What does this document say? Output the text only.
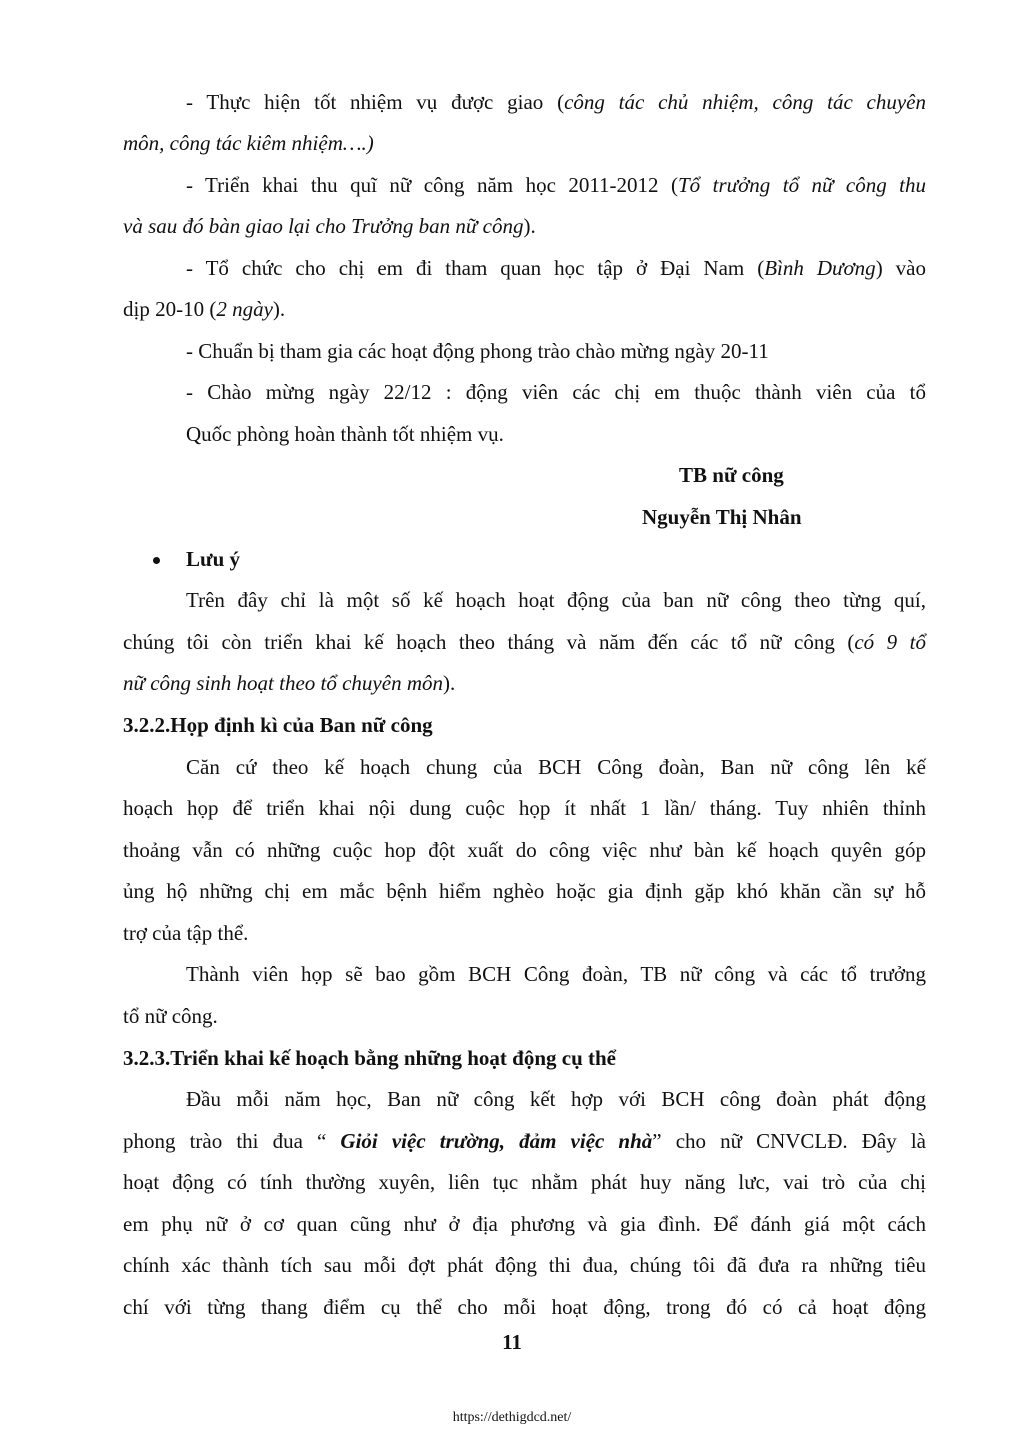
- Thực hiện tốt nhiệm vụ được giao (công tác chủ nhiệm, công tác chuyên
môn, công tác kiêm nhiệm….)
- Triển khai thu quĩ nữ công năm học 2011-2012 (Tổ trưởng tổ nữ công thu
và sau đó bàn giao lại cho Trưởng ban nữ công).
- Tổ chức cho chị em đi tham quan học tập ở Đại Nam (Bình Dương) vào
dịp 20-10 (2 ngày).
- Chuẩn bị tham gia các hoạt động phong trào chào mừng ngày 20-11
- Chào mừng ngày 22/12 : động viên các chị em thuộc thành viên của tổ
Quốc phòng hoàn thành tốt nhiệm vụ.
TB nữ công
Nguyễn Thị Nhân
Lưu ý
Trên đây chỉ là một số kế hoạch hoạt động của ban nữ công theo từng quí,
chúng tôi còn triển khai kế hoạch theo tháng và năm đến các tổ nữ công (có 9 tổ
nữ công sinh hoạt theo tổ chuyên môn).
3.2.2.Họp định kì của Ban nữ công
Căn cứ theo kế hoạch chung của BCH Công đoàn, Ban nữ công lên kế
hoạch họp để triển khai nội dung cuộc họp ít nhất 1 lần/ tháng. Tuy nhiên thỉnh
thoảng vẫn có những cuộc hop đột xuất do công việc như bàn kế hoạch quyên góp
ủng hộ những chị em mắc bệnh hiểm nghèo hoặc gia định gặp khó khăn cần sự hỗ
trợ của tập thể.
Thành viên họp sẽ bao gồm BCH Công đoàn, TB nữ công và các tổ trưởng
tổ nữ công.
3.2.3.Triển khai kế hoạch bằng những hoạt động cụ thể
Đầu mỗi năm học, Ban nữ công kết hợp với BCH công đoàn phát động
phong trào thi đua “ Giỏi việc trường, đảm việc nhà” cho nữ CNVCLĐ. Đây là
hoạt động có tính thường xuyên, liên tục nhằm phát huy năng lưc, vai trò của chị
em phụ nữ ở cơ quan cũng như ở địa phương và gia đình. Để đánh giá một cách
chính xác thành tích sau mỗi đợt phát động thi đua, chúng tôi đã đưa ra những tiêu
chí với từng thang điểm cụ thể cho mỗi hoạt động, trong đó có cả hoạt động
11
https://dethigdcd.net/
